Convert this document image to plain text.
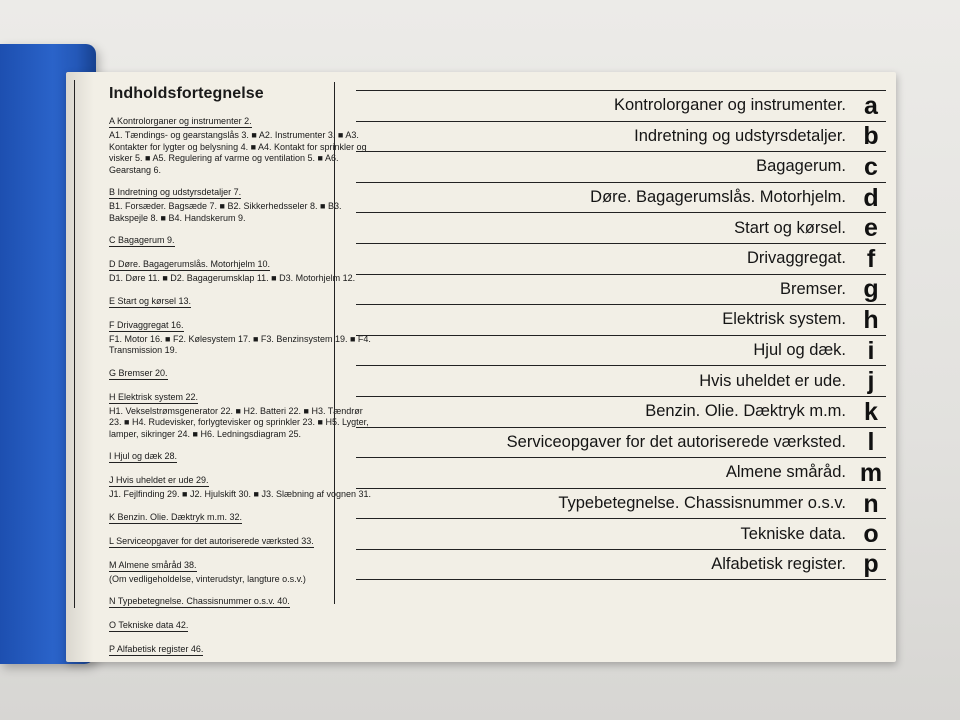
Indholdsfortegnelse
A Kontrolorganer og instrumenter 2.
A1. Tændings- og gearstangslås 3. ■ A2. Instrumenter 3. ■ A3. Kontakter for lygter og belysning 4. ■ A4. Kontakt for sprinkler og visker 5. ■ A5. Regulering af varme og ventilation 5. ■ A6. Gearstang 6.
B Indretning og udstyrsdetaljer 7.
B1. Forsæder. Bagsæde 7. ■ B2. Sikkerhedsseler 8. ■ B3. Bakspejle 8. ■ B4. Handskerum 9.
C Bagagerum 9.
D Døre. Bagagerumslås. Motorhjelm 10.
D1. Døre 11. ■ D2. Bagagerumsklap 11. ■ D3. Motorhjelm 12.
E Start og kørsel 13.
F Drivaggregat 16.
F1. Motor 16. ■ F2. Kølesystem 17. ■ F3. Benzinsystem 19. ■ F4. Transmission 19.
G Bremser 20.
H Elektrisk system 22.
H1. Vekselstrømsgenerator 22. ■ H2. Batteri 22. ■ H3. Tændrør 23. ■ H4. Rudevisker, forlygtevisker og sprinkler 23. ■ H5. Lygter, lamper, sikringer 24. ■ H6. Ledningsdiagram 25.
I Hjul og dæk 28.
J Hvis uheldet er ude 29.
J1. Fejlfinding 29. ■ J2. Hjulskift 30. ■ J3. Slæbning af vognen 31.
K Benzin. Olie. Dæktryk m.m. 32.
L Serviceopgaver for det autoriserede værksted 33.
M Almene småråd 38.
(Om vedligeholdelse, vinterudstyr, langture o.s.v.)
N Typebetegnelse. Chassisnummer o.s.v. 40.
O Tekniske data 42.
P Alfabetisk register 46.
Kontrolorganer og instrumenter. a
Indretning og udstyrsdetaljer. b
Bagagerum. c
Døre. Bagagerumslås. Motorhjelm. d
Start og kørsel. e
Drivaggregat. f
Bremser. g
Elektrisk system. h
Hjul og dæk. i
Hvis uheldet er ude. j
Benzin. Olie. Dæktryk m.m. k
Serviceopgaver for det autoriserede værksted. l
Almene småråd. m
Typebetegnelse. Chassisnummer o.s.v. n
Tekniske data. o
Alfabetisk register. p
